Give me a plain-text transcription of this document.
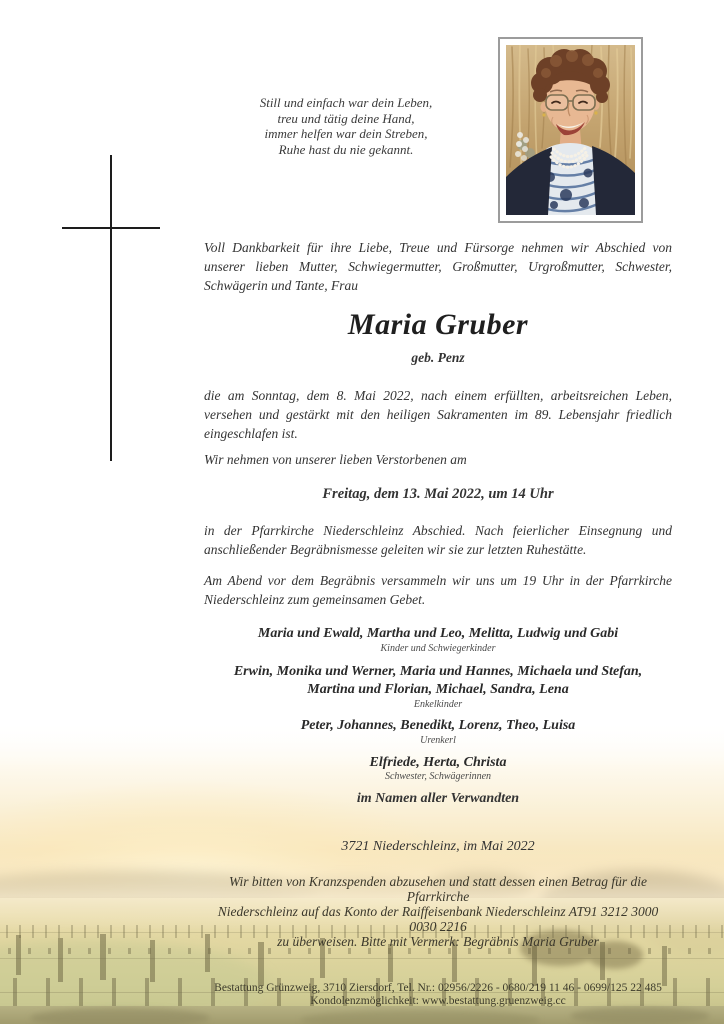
Still und einfach war dein Leben,
treu und tätig deine Hand,
immer helfen war dein Streben,
Ruhe hast du nie gekannt.
Voll Dankbarkeit für ihre Liebe, Treue und Fürsorge nehmen wir Abschied von unserer lieben Mutter, Schwiegermutter, Großmutter, Urgroßmutter, Schwester, Schwägerin und Tante, Frau
Maria Gruber
geb. Penz
die am Sonntag, dem 8. Mai 2022, nach einem erfüllten, arbeitsreichen Leben, versehen und gestärkt mit den heiligen Sakramenten im 89. Lebensjahr friedlich eingeschlafen ist.
Wir nehmen von unserer lieben Verstorbenen am
Freitag, dem 13. Mai 2022, um 14 Uhr
in der Pfarrkirche Niederschleinz Abschied. Nach feierlicher Einsegnung und anschließender Begräbnismesse geleiten wir sie zur letzten Ruhestätte.
Am Abend vor dem Begräbnis versammeln wir uns um 19 Uhr in der Pfarrkirche Niederschleinz zum gemeinsamen Gebet.
Maria und Ewald, Martha und Leo, Melitta, Ludwig und Gabi
Kinder und Schwiegerkinder
Erwin, Monika und Werner, Maria und Hannes, Michaela und Stefan,
Martina und Florian, Michael, Sandra, Lena
Enkelkinder
Peter, Johannes, Benedikt, Lorenz, Theo, Luisa
Urenkerl
Elfriede, Herta, Christa
Schwester, Schwägerinnen
im Namen aller Verwandten
3721 Niederschleinz, im Mai 2022
Wir bitten von Kranzspenden abzusehen und statt dessen einen Betrag für die Pfarrkirche
Niederschleinz auf das Konto der Raiffeisenbank Niederschleinz AT91 3212 3000 0030 2216
zu überweisen. Bitte mit Vermerk: Begräbnis Maria Gruber
Bestattung Grünzweig, 3710 Ziersdorf, Tel. Nr.: 02956/2226 - 0680/219 11 46 - 0699/125 22 485
Kondolenzmöglichkeit: www.bestattung.gruenzweig.cc
